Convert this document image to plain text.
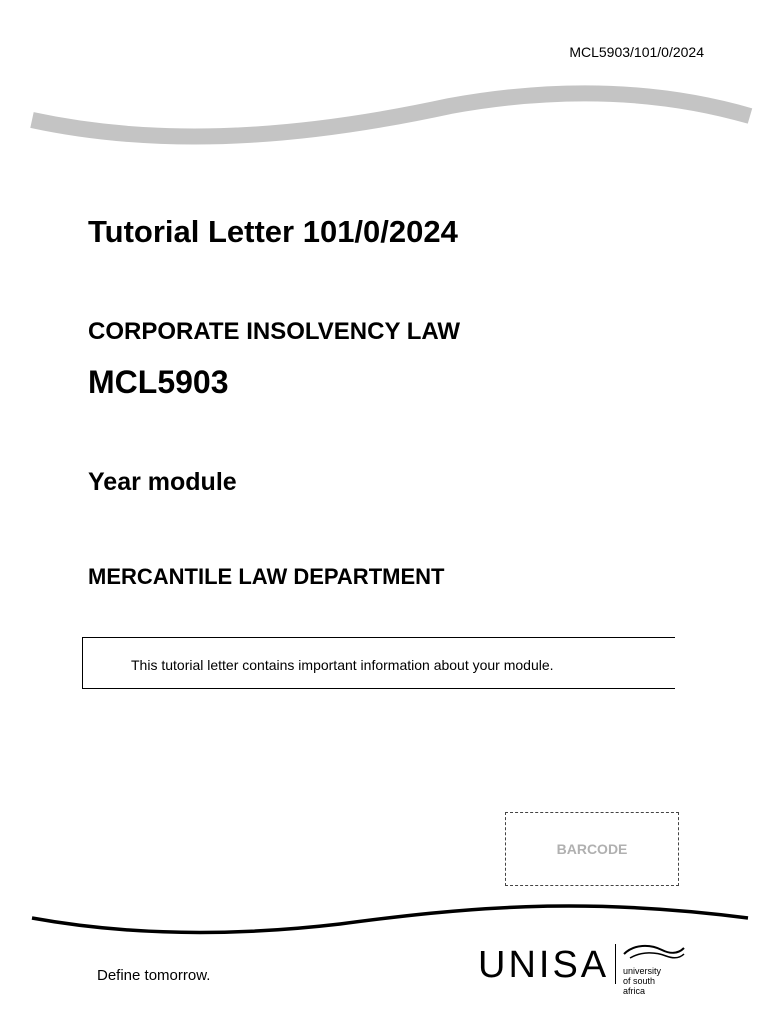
MCL5903/101/0/2024
Tutorial Letter 101/0/2024
CORPORATE INSOLVENCY LAW
MCL5903
Year module
MERCANTILE LAW DEPARTMENT
This tutorial letter contains important information about your module.
BARCODE
Define tomorrow.	UNISA university
of south africa
